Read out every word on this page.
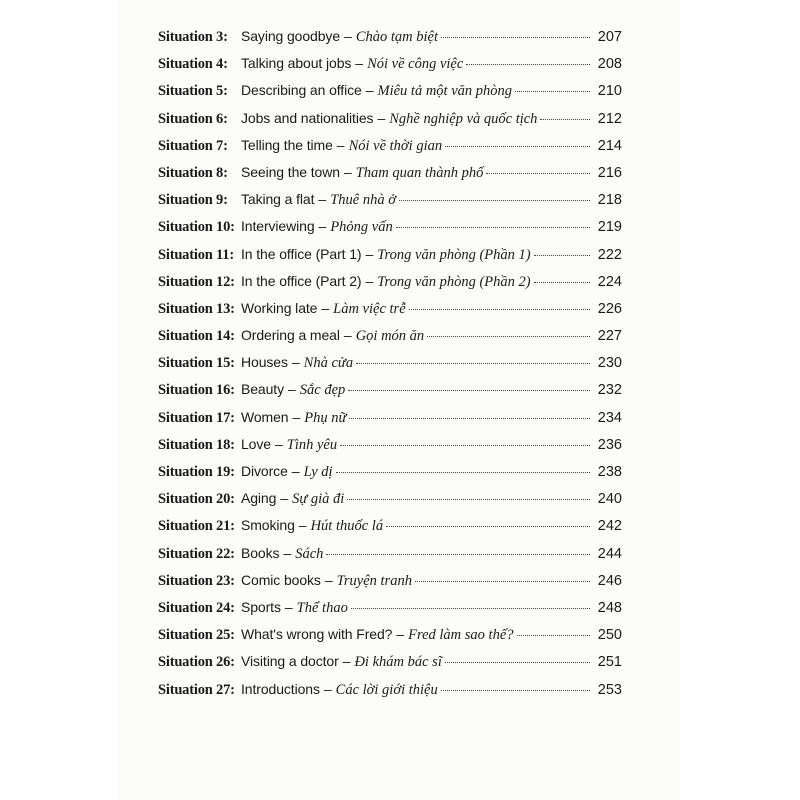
Situation 3: Saying goodbye – Chào tạm biệt	207
Situation 4: Talking about jobs – Nói về công việc	208
Situation 5: Describing an office – Miêu tả một văn phòng	210
Situation 6: Jobs and nationalities – Nghề nghiệp và quốc tịch	212
Situation 7: Telling the time – Nói về thời gian	214
Situation 8: Seeing the town – Tham quan thành phố	216
Situation 9: Taking a flat – Thuê nhà ở	218
Situation 10: Interviewing – Phỏng vấn	219
Situation 11: In the office (Part 1) – Trong văn phòng (Phần 1)	222
Situation 12: In the office (Part 2) – Trong văn phòng (Phần 2)	224
Situation 13: Working late – Làm việc trễ	226
Situation 14: Ordering a meal – Gọi món ăn	227
Situation 15: Houses – Nhà cửa	230
Situation 16: Beauty – Sắc đẹp	232
Situation 17: Women – Phụ nữ	234
Situation 18: Love – Tình yêu	236
Situation 19: Divorce – Ly dị	238
Situation 20: Aging – Sự già đi	240
Situation 21: Smoking – Hút thuốc lá	242
Situation 22: Books – Sách	244
Situation 23: Comic books – Truyện tranh	246
Situation 24: Sports – Thể thao	248
Situation 25: What's wrong with Fred? – Fred làm sao thế?	250
Situation 26: Visiting a doctor – Đi khám bác sĩ	251
Situation 27: Introductions – Các lời giới thiệu	253
